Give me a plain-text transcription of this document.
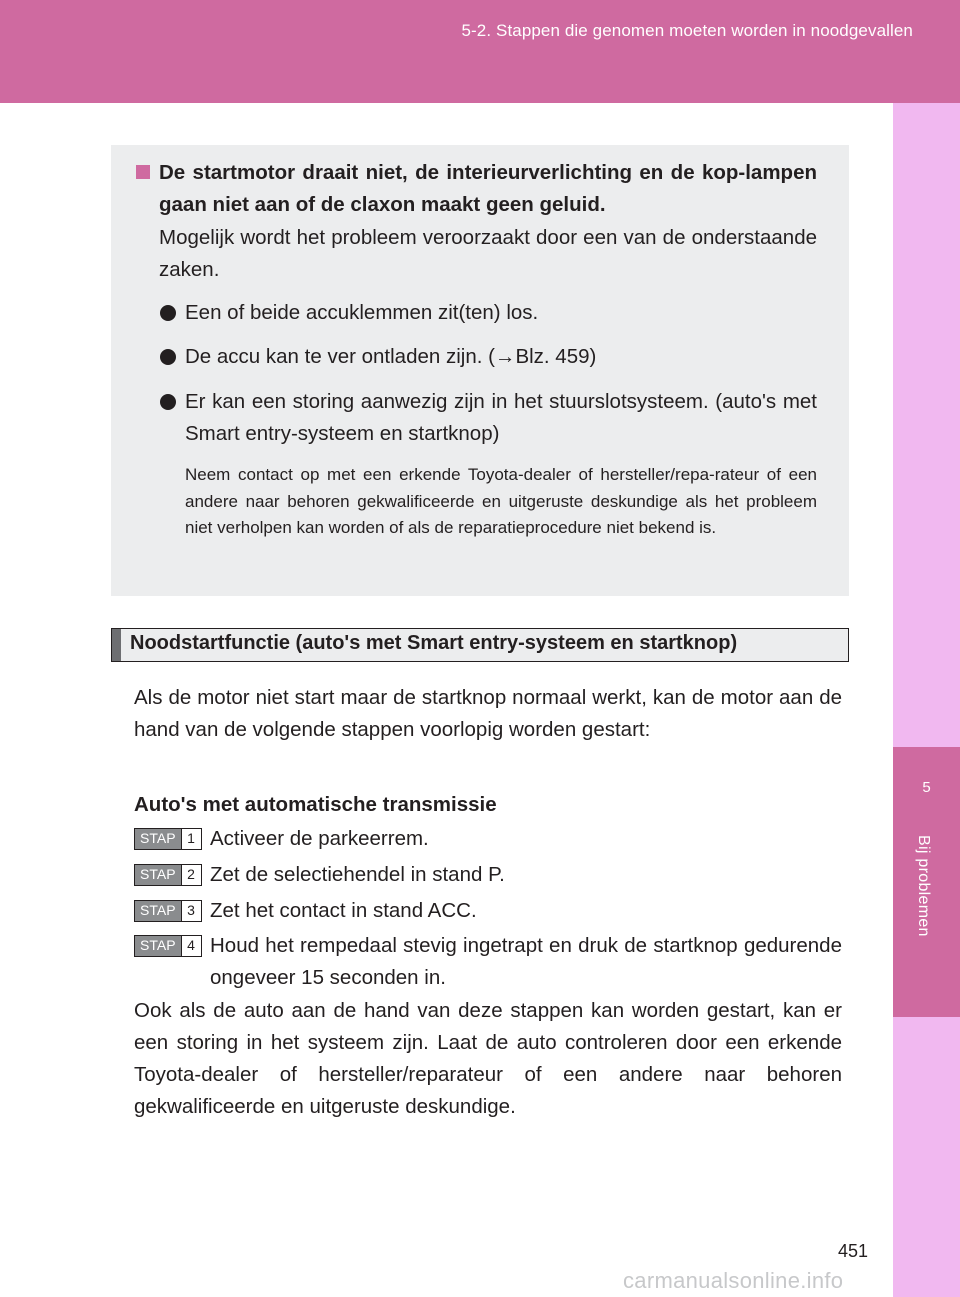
5-2. Stappen die genomen moeten worden in noodgevallen
5
Bij problemen
De startmotor draait niet, de interieurverlichting en de kop-lampen gaan niet aan of de claxon maakt geen geluid.
Mogelijk wordt het probleem veroorzaakt door een van de onderstaande zaken.
Een of beide accuklemmen zit(ten) los.
De accu kan te ver ontladen zijn. (→Blz. 459)
Er kan een storing aanwezig zijn in het stuurslotsysteem. (auto's met Smart entry-systeem en startknop)
Neem contact op met een erkende Toyota-dealer of hersteller/repa-rateur of een andere naar behoren gekwalificeerde en uitgeruste deskundige als het probleem niet verholpen kan worden of als de reparatieprocedure niet bekend is.
Noodstartfunctie (auto's met Smart entry-systeem en startknop)
Als de motor niet start maar de startknop normaal werkt, kan de motor aan de hand van de volgende stappen voorlopig worden gestart:
Auto's met automatische transmissie
STAP 1 Activeer de parkeerrem.
STAP 2 Zet de selectiehendel in stand P.
STAP 3 Zet het contact in stand ACC.
STAP 4 Houd het rempedaal stevig ingetrapt en druk de startknop gedurende ongeveer 15 seconden in.
Ook als de auto aan de hand van deze stappen kan worden gestart, kan er een storing in het systeem zijn. Laat de auto controleren door een erkende Toyota-dealer of hersteller/reparateur of een andere naar behoren gekwalificeerde en uitgeruste deskundige.
451
carmanualsonline.info
